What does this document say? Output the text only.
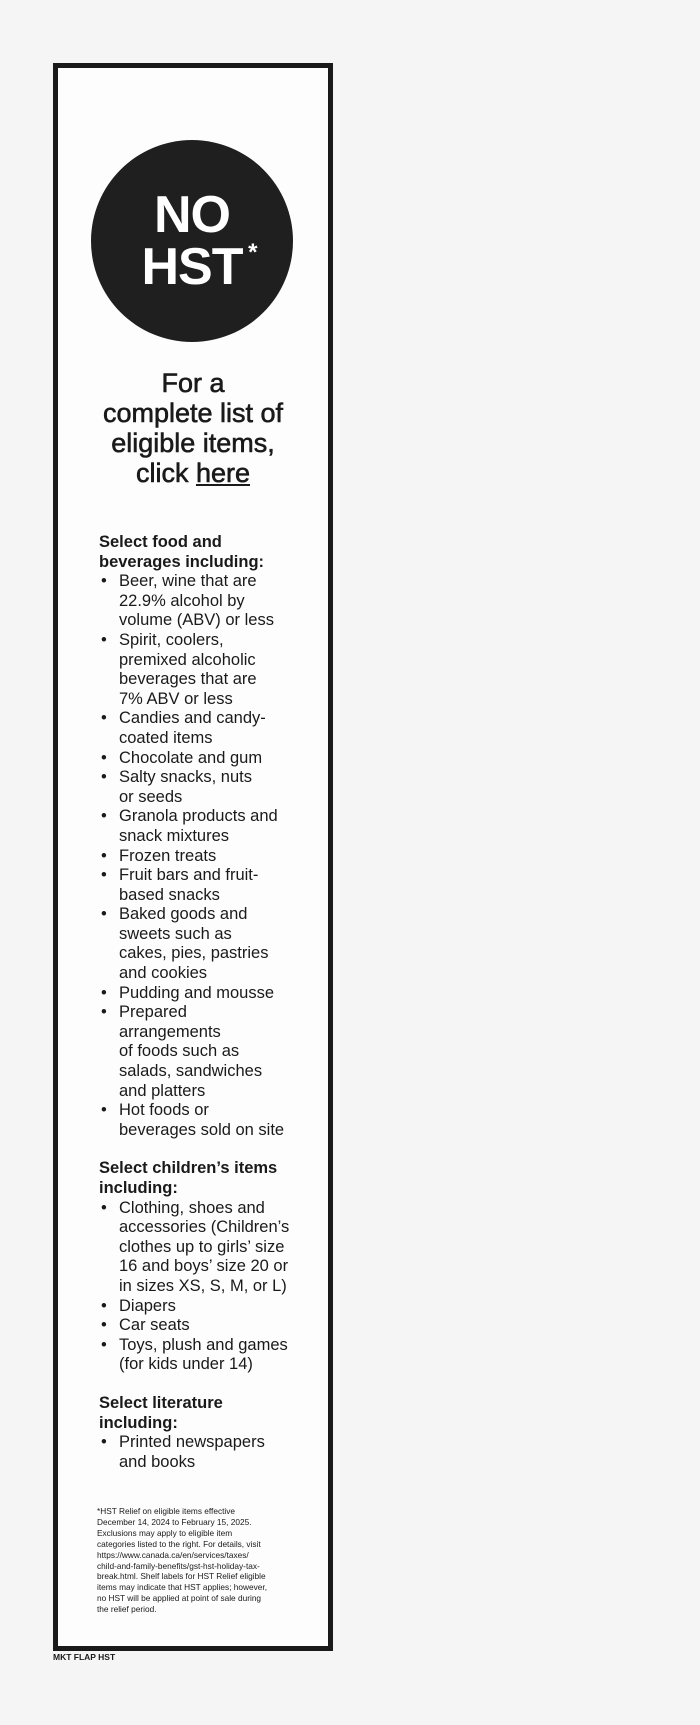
NO
HST *
For a
complete list of
eligible items,
click here
Select food and
beverages including:
• Beer, wine that are
22.9% alcohol by
volume (ABV) or less
• Spirit, coolers,
premixed alcoholic
beverages that are
7% ABV or less
• Candies and candy-
coated items
• Chocolate and gum
• Salty snacks, nuts
or seeds
• Granola products and
snack mixtures
• Frozen treats
• Fruit bars and fruit-
based snacks
• Baked goods and
sweets such as
cakes, pies, pastries
and cookies
• Pudding and mousse
• Prepared
arrangements
of foods such as
salads, sandwiches
and platters
• Hot foods or
beverages sold on site
Select children’s items
including:
• Clothing, shoes and
accessories (Children’s
clothes up to girls’ size
16 and boys’ size 20 or
in sizes XS, S, M, or L)
• Diapers
• Car seats
• Toys, plush and games
(for kids under 14)
Select literature
including:
• Printed newspapers
and books
*HST Relief on eligible items effective
December 14, 2024 to February 15, 2025.
Exclusions may apply to eligible item
categories listed to the right. For details, visit
https://www.canada.ca/en/services/taxes/
child-and-family-benefits/gst-hst-holiday-tax-
break.html. Shelf labels for HST Relief eligible
items may indicate that HST applies; however,
no HST will be applied at point of sale during
the relief period.
MKT FLAP HST
